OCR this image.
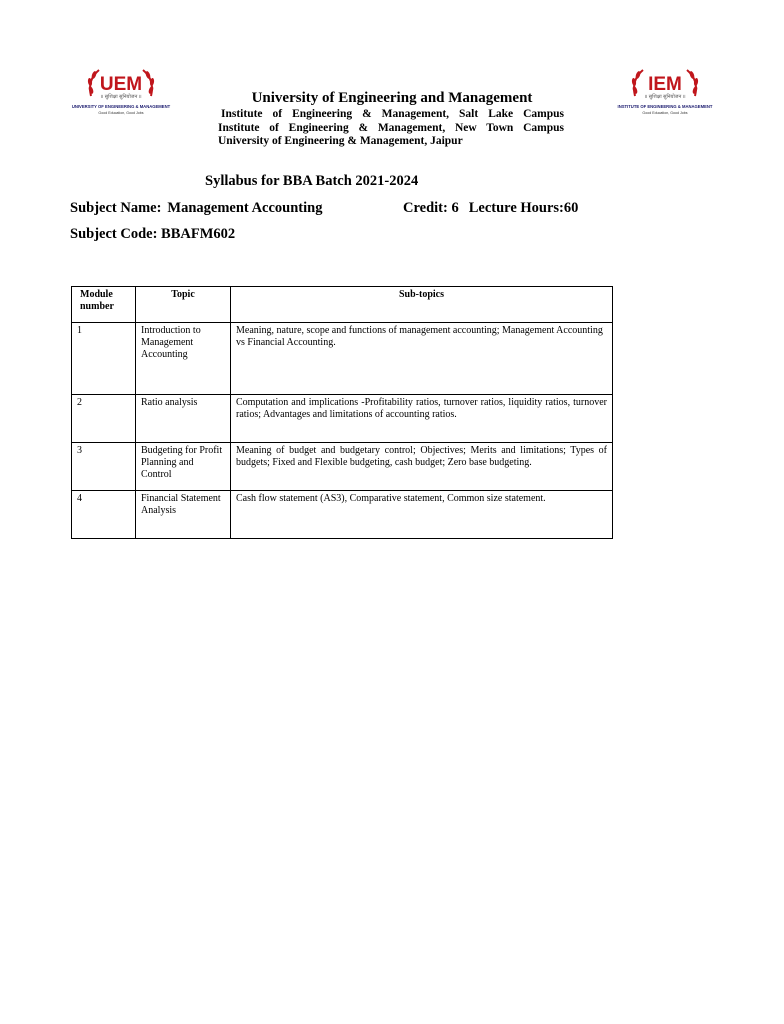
UEM
॥ सुशिक्षा सुनियोजन ॥
UNIVERSITY OF ENGINEERING & MANAGEMENT
Good Education, Good Jobs
IEM
॥ सुशिक्षा सुनियोजन ॥
INSTITUTE OF ENGINEERING & MANAGEMENT
Good Education, Good Jobs
University of Engineering and Management
Institute of Engineering & Management, Salt Lake Campus
Institute of Engineering & Management, New Town Campus
University of Engineering & Management, Jaipur
Syllabus for BBA Batch 2021-2024
Subject Name: Management Accounting	Credit: 6 Lecture Hours:60
Subject Code: BBAFM602
Module number	Topic	Sub-topics
1	Introduction to Management Accounting	Meaning, nature, scope and functions of management accounting; Management Accounting vs Financial Accounting.
2	Ratio analysis	Computation and implications -Profitability ratios, turnover ratios, liquidity ratios, turnover ratios; Advantages and limitations of accounting ratios.
3	Budgeting for Profit Planning and Control	Meaning of budget and budgetary control; Objectives; Merits and limitations; Types of budgets; Fixed and Flexible budgeting, cash budget; Zero base budgeting.
4	Financial Statement Analysis	Cash flow statement (AS3), Comparative statement, Common size statement.
